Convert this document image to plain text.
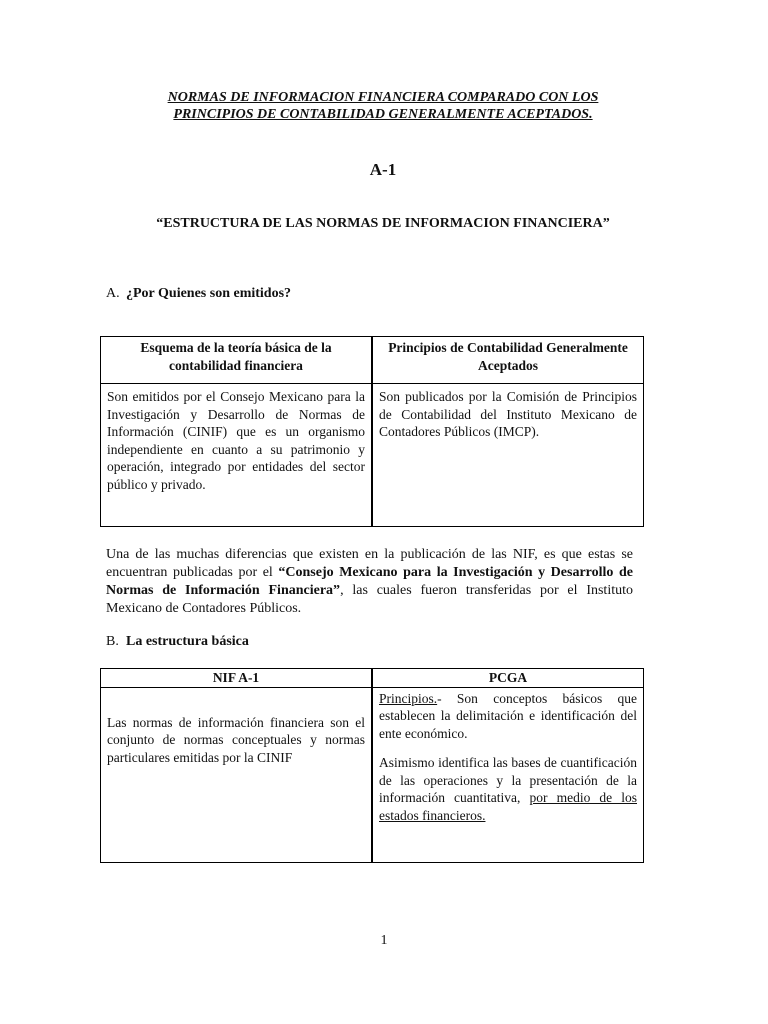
NORMAS DE INFORMACION FINANCIERA COMPARADO CON LOS
PRINCIPIOS DE CONTABILIDAD GENERALMENTE ACEPTADOS.
A-1
“ESTRUCTURA DE LAS NORMAS DE INFORMACION FINANCIERA”
A. ¿Por Quienes son emitidos?
Esquema de la teoría básica de la contabilidad financiera	Principios de Contabilidad Generalmente Aceptados
Son emitidos por el Consejo Mexicano para la Investigación y Desarrollo de Normas de Información (CINIF) que es un organismo independiente en cuanto a su patrimonio y operación, integrado por entidades del sector público y privado.	Son publicados por la Comisión de Principios de Contabilidad del Instituto Mexicano de Contadores Públicos (IMCP).
Una de las muchas diferencias que existen en la publicación de las NIF, es que estas se encuentran publicadas por el “Consejo Mexicano para la Investigación y Desarrollo de Normas de Información Financiera”, las cuales fueron transferidas por el Instituto Mexicano de Contadores Públicos.
B. La estructura básica
NIF A-1	PCGA

Las normas de información financiera son el conjunto de normas conceptuales y normas particulares emitidas por la CINIF	Principios.- Son conceptos básicos que establecen la delimitación e identificación del ente económico.
Asimismo identifica las bases de cuantificación de las operaciones y la presentación de la información cuantitativa, por medio de los estados financieros.
1
